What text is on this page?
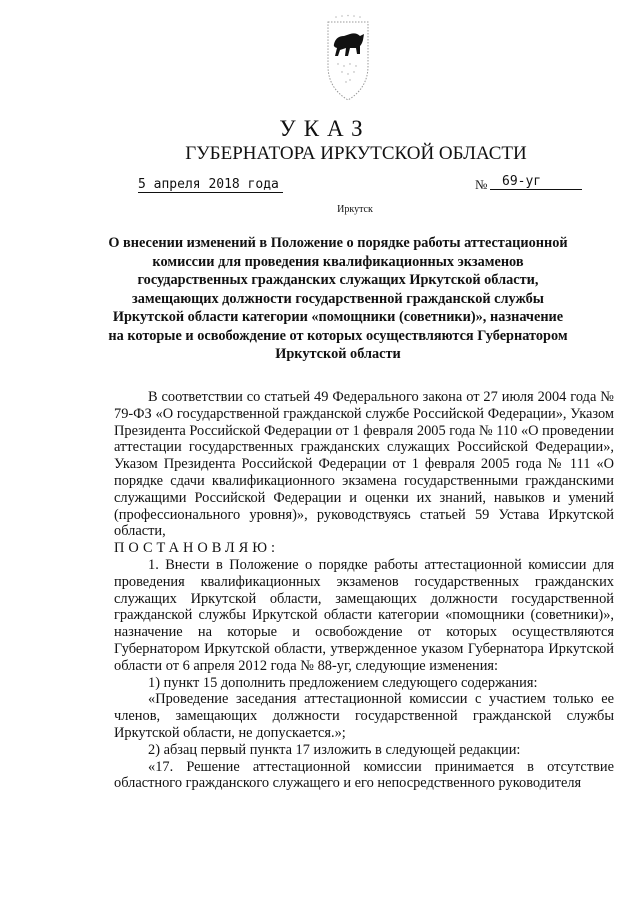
УКАЗ
ГУБЕРНАТОРА ИРКУТСКОЙ ОБЛАСТИ
5 апреля 2018 года	№	69-уг
Иркутск

О внесении изменений в Положение о порядке работы аттестационной комиссии для проведения квалификационных экзаменов государственных гражданских служащих Иркутской области, замещающих должности государственной гражданской службы Иркутской области категории «помощники (советники)», назначение на которые и освобождение от которых осуществляются Губернатором Иркутской области

В соответствии со статьей 49 Федерального закона от 27 июля 2004 года № 79-ФЗ «О государственной гражданской службе Российской Федерации», Указом Президента Российской Федерации от 1 февраля 2005 года № 110 «О проведении аттестации государственных гражданских служащих Российской Федерации», Указом Президента Российской Федерации от 1 февраля 2005 года № 111 «О порядке сдачи квалификационного экзамена государственными гражданскими служащими Российской Федерации и оценки их знаний, навыков и умений (профессионального уровня)», руководствуясь статьей 59 Устава Иркутской области,

ПОСТАНОВЛЯЮ:

1. Внести в Положение о порядке работы аттестационной комиссии для проведения квалификационных экзаменов государственных гражданских служащих Иркутской области, замещающих должности государственной гражданской службы Иркутской области категории «помощники (советники)», назначение на которые и освобождение от которых осуществляются Губернатором Иркутской области, утвержденное указом Губернатора Иркутской области от 6 апреля 2012 года № 88-уг, следующие изменения:

1) пункт 15 дополнить предложением следующего содержания:

«Проведение заседания аттестационной комиссии с участием только ее членов, замещающих должности государственной гражданской службы Иркутской области, не допускается.»;

2) абзац первый пункта 17 изложить в следующей редакции:

«17. Решение аттестационной комиссии принимается в отсутствие областного гражданского служащего и его непосредственного руководителя
